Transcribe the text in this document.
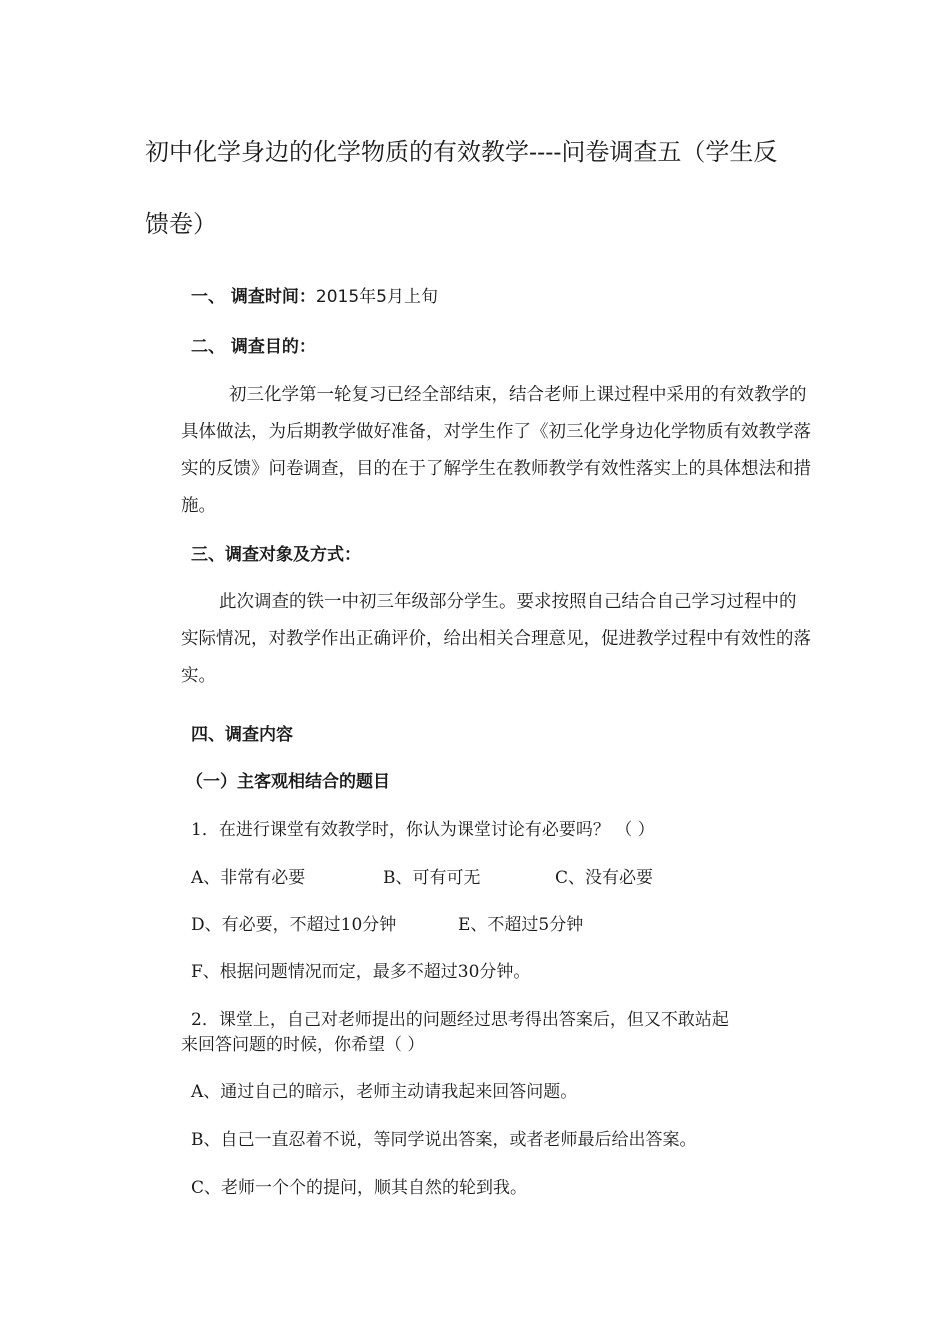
初中化学身边的化学物质的有效教学----问卷调查五（学生反
馈卷）
一、 调查时间：2015年5月上旬
二、 调查目的：

初三化学第一轮复习已经全部结束，结合老师上课过程中采用的有效教学的具体做法，为后期教学做好准备，对学生作了《初三化学身边化学物质有效教学落实的反馈》问卷调查，目的在于了解学生在教师教学有效性落实上的具体想法和措施。

三、调查对象及方式：

此次调查的铁一中初三年级部分学生。要求按照自己结合自己学习过程中的实际情况，对教学作出正确评价，给出相关合理意见，促进教学过程中有效性的落实。

四、调查内容
（一）主客观相结合的题目
1．在进行课堂有效教学时，你认为课堂讨论有必要吗？ （ ）
A、非常有必要	B、可有可无	C、没有必要
D、有必要，不超过10分钟	E、不超过5分钟
F、根据问题情况而定，最多不超过30分钟。
2．课堂上，自己对老师提出的问题经过思考得出答案后，但又不敢站起
来回答问题的时候，你希望（ ）
A、通过自己的暗示，老师主动请我起来回答问题。
B、自己一直忍着不说，等同学说出答案，或者老师最后给出答案。
C、老师一个个的提问，顺其自然的轮到我。
